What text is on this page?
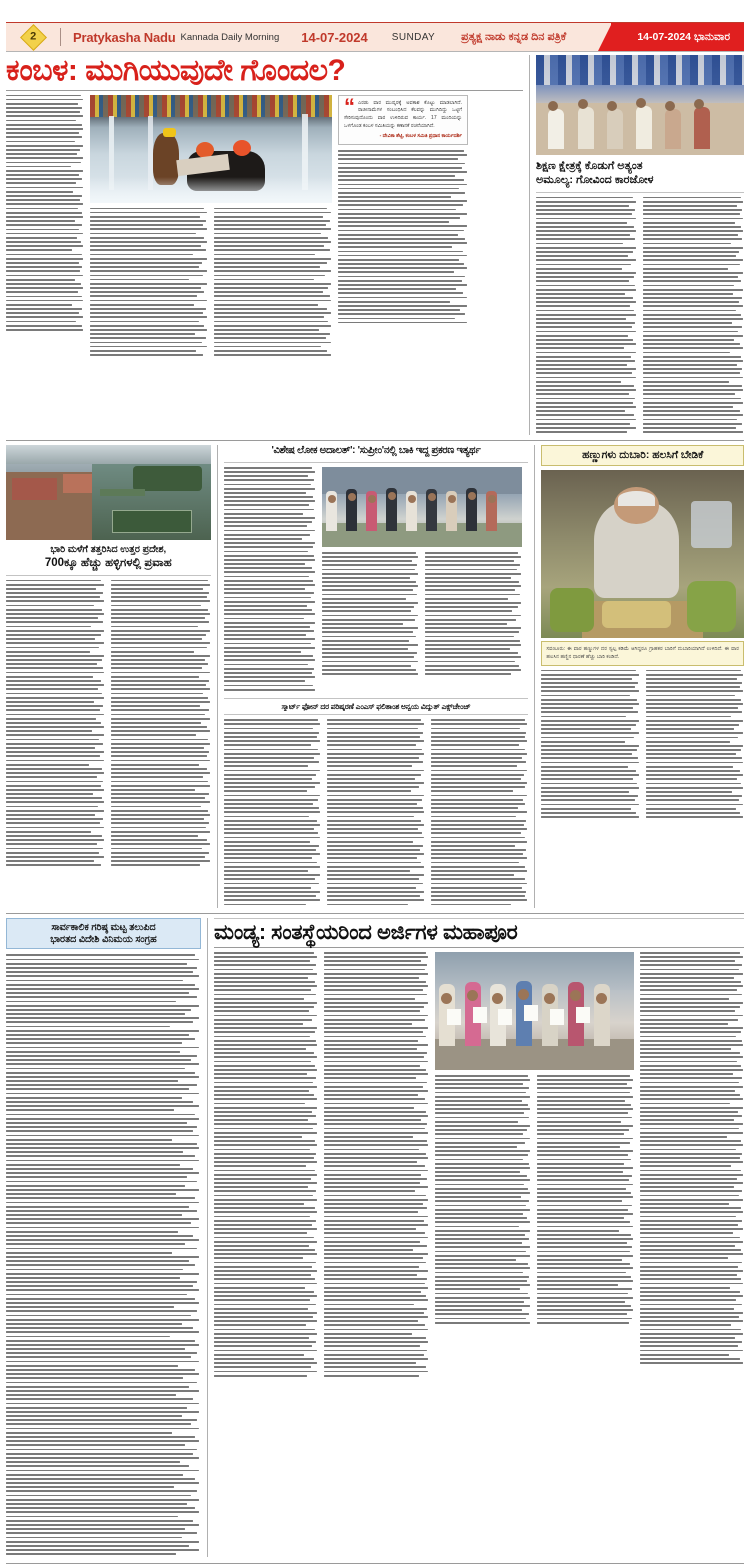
2	Pratykasha Nadu Kannada Daily Morning 14-07-2024 SUNDAY ಪ್ರತ್ಯಕ್ಷ ನಾಡು ಕನ್ನಡ ದಿನ ಪತ್ರಿಕೆ	14-07-2024 ಭಾನುವಾರ
ಕಂಬಳ: ಮುಗಿಯುವುದೇ ಗೊಂದಲ?
“ ಎರಡು ವಾರ ಮುಷ್ಕರಕ್ಕೆ ಅವಕಾಶ ಕೊಟ್ಟು ಮಾಡಲಾಗಿದೆ. ರಾಜೀನಾಮೆಗಳ ಸಂಬಂಧಿಸಿದ ಕೆಲವನ್ನು ಮುಗಿದಿದ್ದು ಒಟ್ಟಿಗೆ ಸೇರಿಸುವುದೊಂದು ವಾರ ಉಳಿದಿರುವ ಕಾರ್ಯ. 17 ಮಂದಿಯನ್ನು ಒಳಗೊಂಡ ಕಂಬಳ ಸಮಿತಿಯನ್ನು ಕಣಾನಕೆ ರಚನೆಯಾಗಿದೆ.
- ದೇವಿಕಾ ಶೆಟ್ಟಿ, ಕಂಬಳ ಸಮಿತಿ ಪ್ರಧಾನ ಕಾರ್ಯದರ್ಶಿ
ಶಿಕ್ಷಣ ಕ್ಷೇತ್ರಕ್ಕೆ ಕೊಡುಗೆ ಅತ್ಯಂತ
ಅಮೂಲ್ಯ: ಗೋವಿಂದ ಕಾರಜೋಳ
ಭಾರಿ ಮಳೆಗೆ ತತ್ತರಿಸಿದ ಉತ್ತರ ಪ್ರದೇಶ,
700ಕ್ಕೂ ಹೆಚ್ಚು ಹಳ್ಳಿಗಳಲ್ಲಿ ಪ್ರವಾಹ
'ವಿಶೇಷ ಲೋಕ ಅದಾಲತ್': 'ಸುಪ್ರೀಂ'ನಲ್ಲಿ ಬಾಕಿ ಇದ್ದ ಪ್ರಕರಣ ಇತ್ಯರ್ಥ
ಸ್ಮಾರ್ಟ್ ಫೋನ್ ದರ ಪರಿಷ್ಕರಣೆ ಎಂಎಸ್ ಫಲಿತಾಂಶ ಅನ್ವಯ ವಿದ್ಯುತ್ ಎಕ್ಸ್‌ಚೇಂಜ್
ಹಣ್ಣುಗಳು ದುಬಾರಿ: ಹಲಸಿಗೆ ಬೇಡಿಕೆ
ಸವಣೂರು: ಈ ವಾರ ಹಣ್ಣುಗಳ ದರ ಸ್ವಲ್ಪ ಕಡಿಮೆ ಆಗಿದ್ದರೂ ಗ್ರಾಹಕರ ಬಾರಿಗೆ ದುಬಾರಿಯಾಗಿದೆ ಉಳಿದಿದೆ. ಈ ವಾರ ಹಲಸಿನ ಹಣ್ಣಿನ ಧಾರಣೆ ಹೆಚ್ಚು ಬಾರಿ ಕಂಡಿದೆ.
ಸಾರ್ವಕಾಲಿಕ ಗರಿಷ್ಠ ಮಟ್ಟ ತಲುಪಿದ
ಭಾರತದ ವಿದೇಶಿ ವಿನಿಮಯ ಸಂಗ್ರಹ	ಮಂಡ್ಯ: ಸಂತಸ್ಥೆಯರಿಂದ ಅರ್ಜಿಗಳ ಮಹಾಪೂರ
